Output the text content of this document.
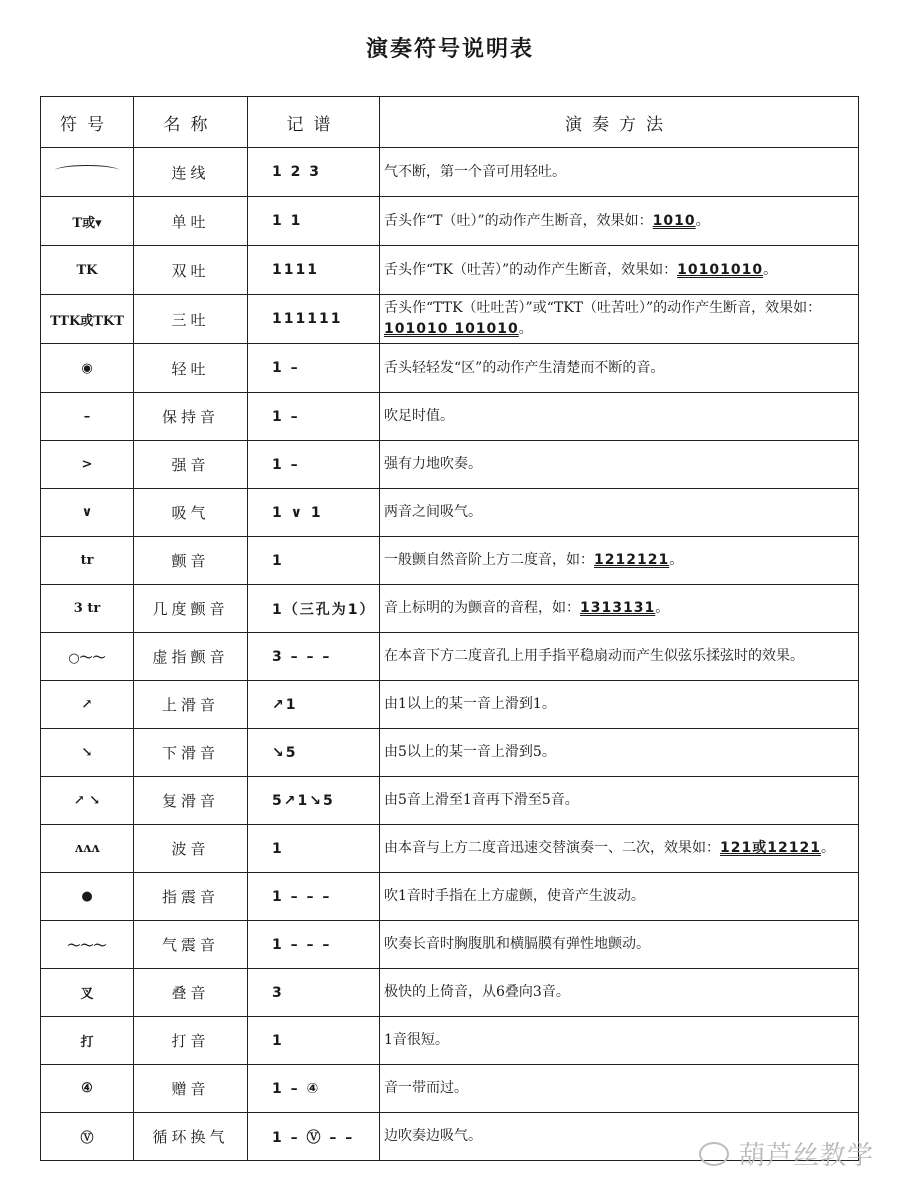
演奏符号说明表
符号	名称	记谱	演奏方法
	连线	1 2 3	气不断，第一个音可用轻吐。
T或▾	单吐	1 1	舌头作“T（吐）”的动作产生断音，效果如：1010。
TK	双吐	1111	舌头作“TK（吐苦）”的动作产生断音，效果如：10101010。
TTK或TKT	三吐	111111	舌头作“TTK（吐吐苦）”或“TKT（吐苦吐）”的动作产生断音，效果如：101010 101010。
◉	轻吐	1 –	舌头轻轻发“区”的动作产生清楚而不断的音。
–	保持音	1 –	吹足时值。
>	强音	1 –	强有力地吹奏。
∨	吸气	1 ∨ 1	两音之间吸气。
tr	颤音	1	一般颤自然音阶上方二度音，如：1212121。
3 tr	几度颤音	1（三孔为1）	音上标明的为颤音的音程，如：1313131。
○～～	虚指颤音	3 – – –	在本音下方二度音孔上用手指平稳扇动而产生似弦乐揉弦时的效果。
↗	上滑音	↗1	由1以上的某一音上滑到1。
↘	下滑音	↘5	由5以上的某一音上滑到5。
↗ ↘	复滑音	5↗1↘5	由5音上滑至1音再下滑至5音。
ʌʌʌ	波音	1	由本音与上方二度音迅速交替演奏一、二次，效果如：121或12121。
●	指震音	1 – – –	吹1音时手指在上方虚颤，使音产生波动。
～～～	气震音	1 – – –	吹奏长音时胸腹肌和横膈膜有弹性地颤动。
叉	叠音	3	极快的上倚音，从6叠向3音。
打	打音	1	1音很短。
④	赠音	1 – ④	音一带而过。
Ⓥ	循环换气	1 – Ⓥ – –	边吹奏边吸气。
葫芦丝教学
